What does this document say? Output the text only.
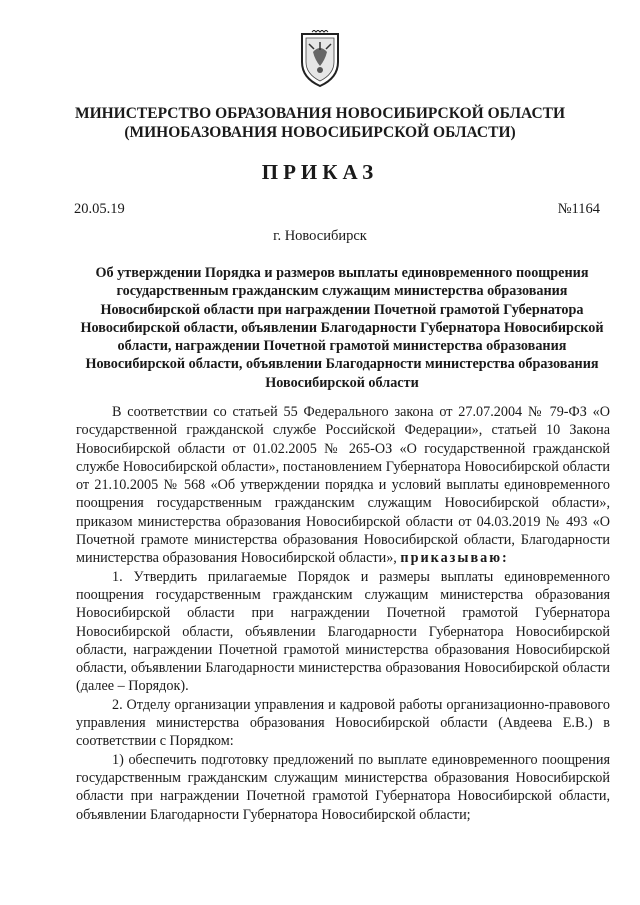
МИНИСТЕРСТВО ОБРАЗОВАНИЯ НОВОСИБИРСКОЙ ОБЛАСТИ
(МИНОБАЗОВАНИЯ НОВОСИБИРСКОЙ ОБЛАСТИ)
ПРИКАЗ
20.05.19	№1164
г. Новосибирск
Об утверждении Порядка и размеров выплаты единовременного поощрения государственным гражданским служащим министерства образования Новосибирской области при награждении Почетной грамотой Губернатора Новосибирской области, объявлении Благодарности Губернатора Новосибирской области, награждении Почетной грамотой министерства образования Новосибирской области, объявлении Благодарности министерства образования Новосибирской области

В соответствии со статьей 55 Федерального закона от 27.07.2004 № 79-ФЗ «О государственной гражданской службе Российской Федерации», статьей 10 Закона Новосибирской области от 01.02.2005 № 265-ОЗ «О государственной гражданской службе Новосибирской области», постановлением Губернатора Новосибирской области от 21.10.2005 № 568 «Об утверждении порядка и условий выплаты единовременного поощрения государственным гражданским служащим Новосибирской области», приказом министерства образования Новосибирской области от 04.03.2019 № 493 «О Почетной грамоте министерства образования Новосибирской области, Благодарности министерства образования Новосибирской области», приказываю:

1. Утвердить прилагаемые Порядок и размеры выплаты единовременного поощрения государственным гражданским служащим министерства образования Новосибирской области при награждении Почетной грамотой Губернатора Новосибирской области, объявлении Благодарности Губернатора Новосибирской области, награждении Почетной грамотой министерства образования Новосибирской области, объявлении Благодарности министерства образования Новосибирской области (далее – Порядок).

2. Отделу организации управления и кадровой работы организационно-правового управления министерства образования Новосибирской области (Авдеева Е.В.) в соответствии с Порядком:

1) обеспечить подготовку предложений по выплате единовременного поощрения государственным гражданским служащим министерства образования Новосибирской области при награждении Почетной грамотой Губернатора Новосибирской области, объявлении Благодарности Губернатора Новосибирской области;
